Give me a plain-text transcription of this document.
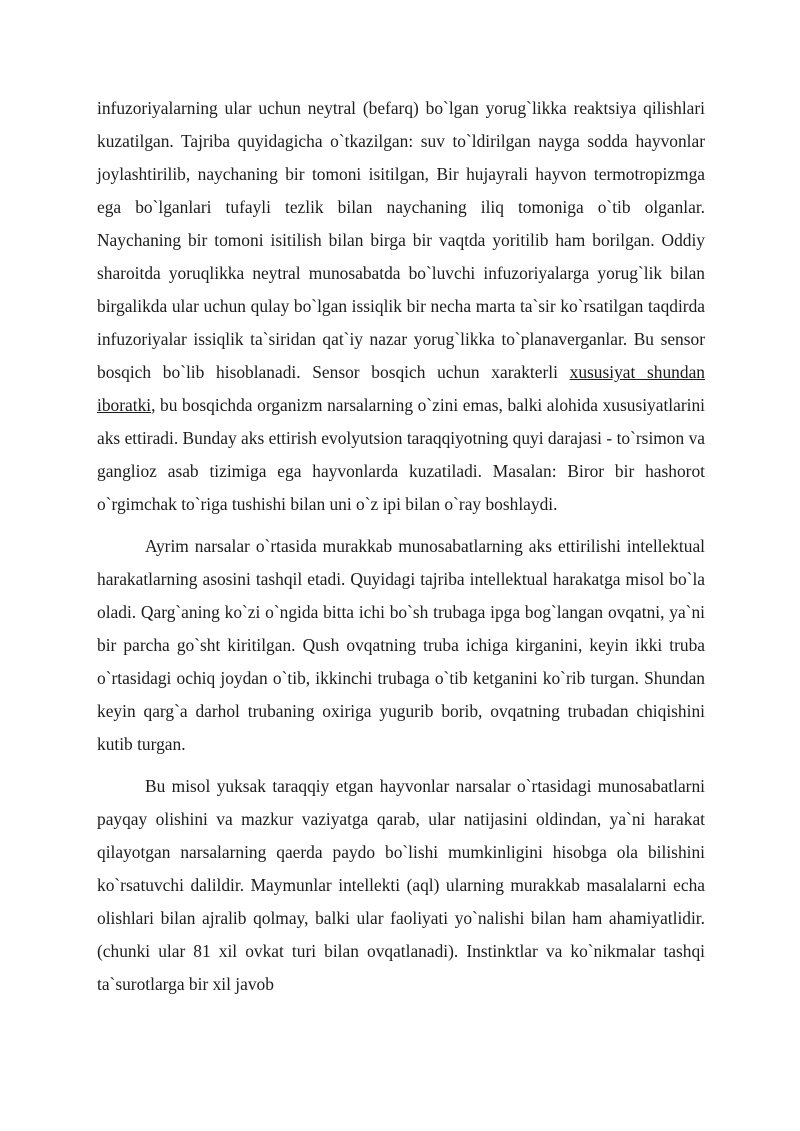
infuzoriyalarning ular uchun neytral (befarq) bo`lgan yorug`likka reaktsiya qilishlari kuzatilgan. Tajriba quyidagicha o`tkazilgan: suv to`ldirilgan nayga sodda hayvonlar joylashtirilib, naychaning bir tomoni isitilgan, Bir hujayrali hayvon termotropizmga ega bo`lganlari tufayli tezlik bilan naychaning iliq tomoniga o`tib olganlar. Naychaning bir tomoni isitilish bilan birga bir vaqtda yoritilib ham borilgan. Oddiy sharoitda yoruqlikka neytral munosabatda bo`luvchi infuzoriyalarga yorug`lik bilan birgalikda ular uchun qulay bo`lgan issiqlik bir necha marta ta`sir ko`rsatilgan taqdirda infuzoriyalar issiqlik ta`siridan qat`iy nazar yorug`likka to`planaverganlar. Bu sensor bosqich bo`lib hisoblanadi. Sensor bosqich uchun xarakterli xususiyat shundan iboratki, bu bosqichda organizm narsalarning o`zini emas, balki alohida xususiyatlarini aks ettiradi. Bunday aks ettirish evolyutsion taraqqiyotning quyi darajasi - to`rsimon va ganglioz asab tizimiga ega hayvonlarda kuzatiladi. Masalan: Biror bir hashorot o`rgimchak to`riga tushishi bilan uni o`z ipi bilan o`ray boshlaydi.

Ayrim narsalar o`rtasida murakkab munosabatlarning aks ettirilishi intellektual harakatlarning asosini tashqil etadi. Quyidagi tajriba intellektual harakatga misol bo`la oladi. Qarg`aning ko`zi o`ngida bitta ichi bo`sh trubaga ipga bog`langan ovqatni, ya`ni bir parcha go`sht kiritilgan. Qush ovqatning truba ichiga kirganini, keyin ikki truba o`rtasidagi ochiq joydan o`tib, ikkinchi trubaga o`tib ketganini ko`rib turgan. Shundan keyin qarg`a darhol trubaning oxiriga yugurib borib, ovqatning trubadan chiqishini kutib turgan.

Bu misol yuksak taraqqiy etgan hayvonlar narsalar o`rtasidagi munosabatlarni payqay olishini va mazkur vaziyatga qarab, ular natijasini oldindan, ya`ni harakat qilayotgan narsalarning qaerda paydo bo`lishi mumkinligini hisobga ola bilishini ko`rsatuvchi dalildir. Maymunlar intellekti (aql) ularning murakkab masalalarni echa olishlari bilan ajralib qolmay, balki ular faoliyati yo`nalishi bilan ham ahamiyatlidir. (chunki ular 81 xil ovkat turi bilan ovqatlanadi). Instinktlar va ko`nikmalar tashqi ta`surotlarga bir xil javob
